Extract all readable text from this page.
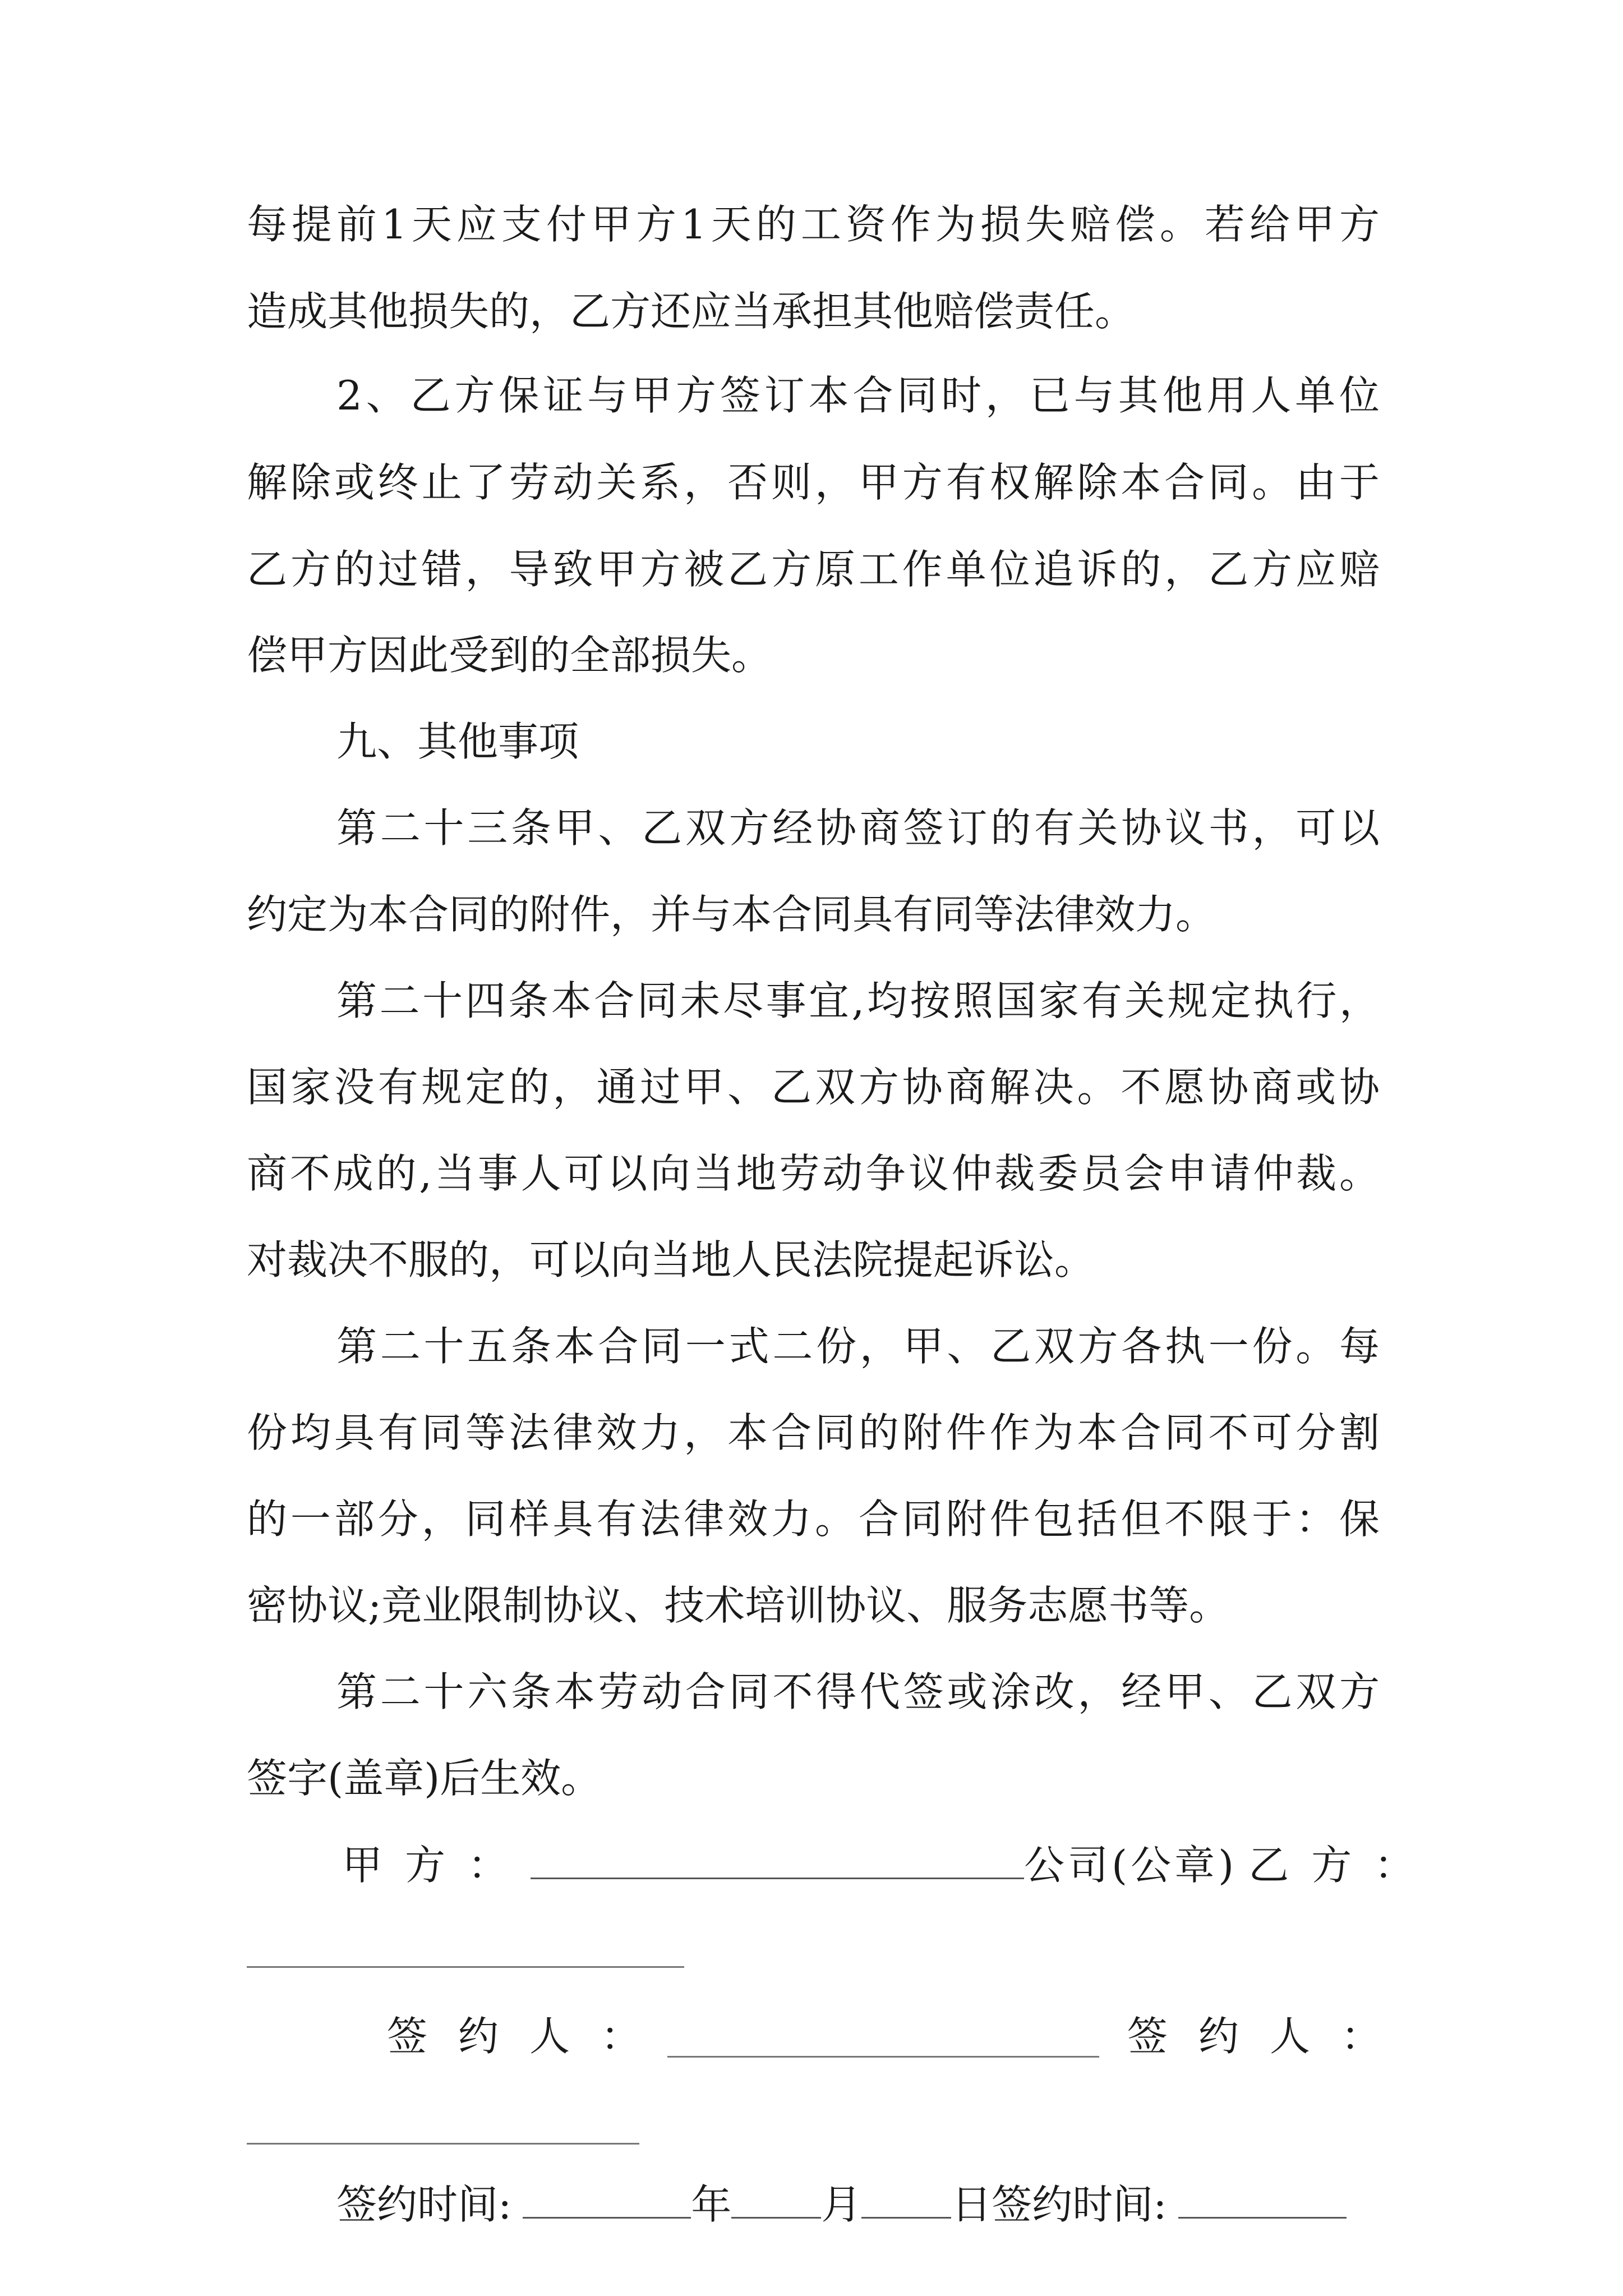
每提前1天应支付甲方1天的工资作为损失赔偿。若给甲方
造成其他损失的，乙方还应当承担其他赔偿责任。
2、乙方保证与甲方签订本合同时，已与其他用人单位
解除或终止了劳动关系，否则，甲方有权解除本合同。由于
乙方的过错，导致甲方被乙方原工作单位追诉的，乙方应赔
偿甲方因此受到的全部损失。
九、其他事项
第二十三条甲、乙双方经协商签订的有关协议书，可以
约定为本合同的附件，并与本合同具有同等法律效力。
第二十四条本合同未尽事宜,均按照国家有关规定执行，
国家没有规定的，通过甲、乙双方协商解决。不愿协商或协
商不成的,当事人可以向当地劳动争议仲裁委员会申请仲裁。
对裁决不服的，可以向当地人民法院提起诉讼。
第二十五条本合同一式二份，甲、乙双方各执一份。每
份均具有同等法律效力，本合同的附件作为本合同不可分割
的一部分，同样具有法律效力。合同附件包括但不限于：保
密协议;竞业限制协议、技术培训协议、服务志愿书等。
第二十六条本劳动合同不得代签或涂改，经甲、乙双方
签字(盖章)后生效。
甲方：	公司(公章) 乙方：
签约人：	签约人：
签约时间:	年 月 日签约时间:
